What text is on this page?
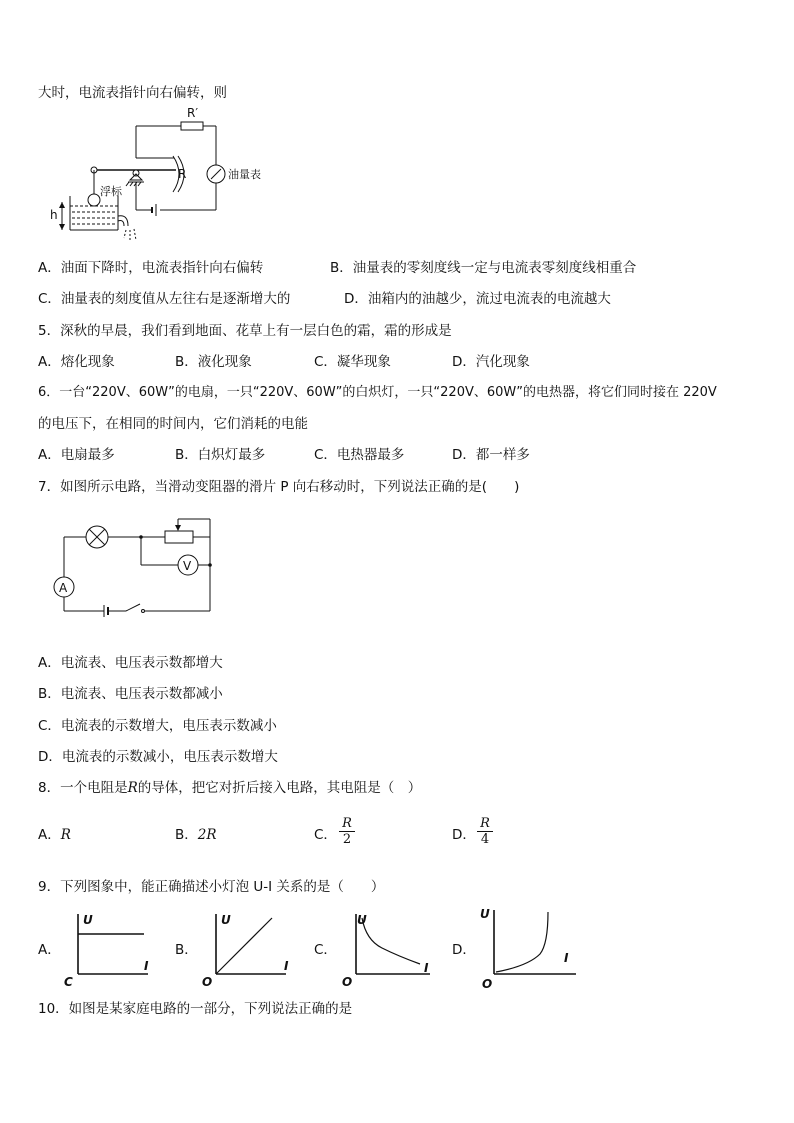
大时，电流表指针向右偏转，则
R′
油量表
R
浮标
h
A．油面下降时，电流表指针向右偏转	B．油量表的零刻度线一定与电流表零刻度线相重合
C．油量表的刻度值从左往右是逐渐增大的	D．油箱内的油越少，流过电流表的电流越大
5．深秋的早晨，我们看到地面、花草上有一层白色的霜，霜的形成是
A．熔化现象	B．液化现象	C．凝华现象	D．汽化现象
6．一台“220V、60W”的电扇，一只“220V、60W”的白炽灯，一只“220V、60W”的电热器，将它们同时接在 220V
的电压下，在相同的时间内，它们消耗的电能
A．电扇最多	B．白炽灯最多	C．电热器最多	D．都一样多
7．如图所示电路，当滑动变阻器的滑片 P 向右移动时，下列说法正确的是(　　)
V
A
A．电流表、电压表示数都增大
B．电流表、电压表示数都减小
C．电流表的示数增大，电压表示数减小
D．电流表的示数减小，电压表示数增大
8．一个电阻是R的导体，把它对折后接入电路，其电阻是（　）
A．R	B．2R	C． $\frac{R}{2}$	D． $\frac{R}{4}$
9．下列图象中，能正确描述小灯泡 U-I 关系的是（　　）
A．	B．	C．	D．
U
I
C
U
I
O
U
I
O
U
I
O
10．如图是某家庭电路的一部分，下列说法正确的是
